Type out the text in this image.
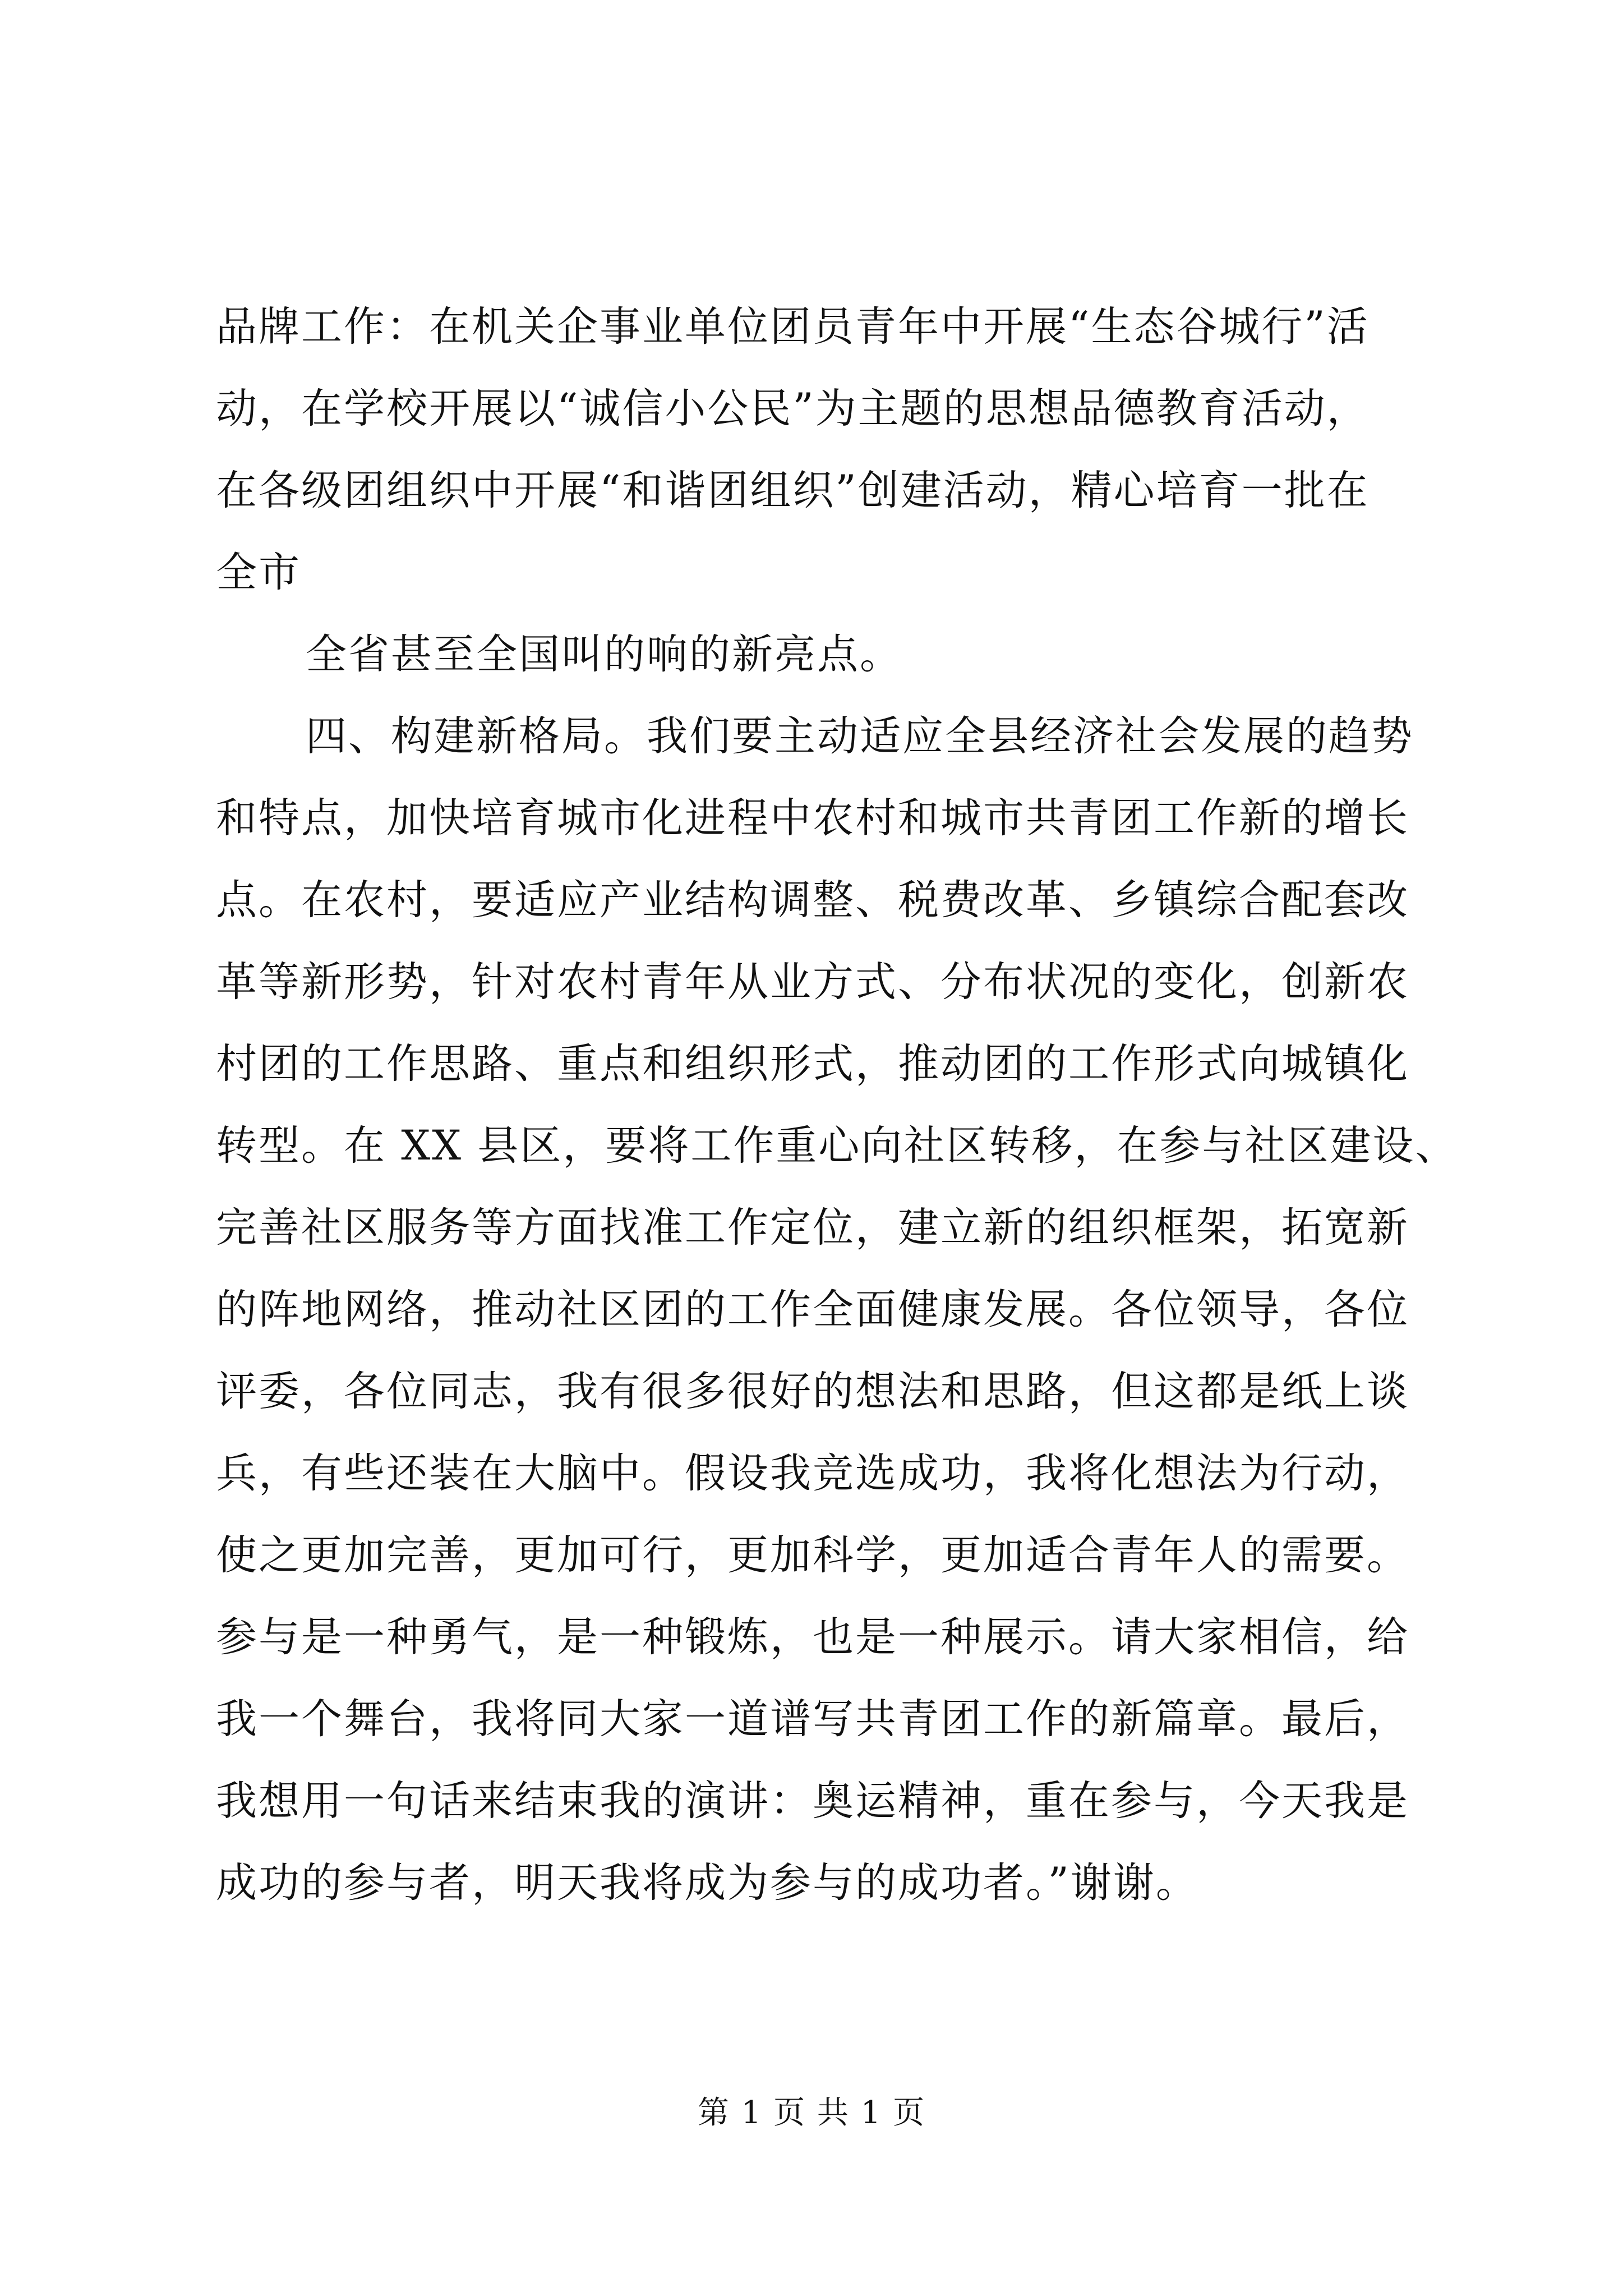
品牌工作：在机关企事业单位团员青年中开展“生态谷城行”活
动，在学校开展以“诚信小公民”为主题的思想品德教育活动，
在各级团组织中开展“和谐团组织”创建活动，精心培育一批在
全市
全省甚至全国叫的响的新亮点。
四、构建新格局。我们要主动适应全县经济社会发展的趋势
和特点，加快培育城市化进程中农村和城市共青团工作新的增长
点。在农村，要适应产业结构调整、税费改革、乡镇综合配套改
革等新形势，针对农村青年从业方式、分布状况的变化，创新农
村团的工作思路、重点和组织形式，推动团的工作形式向城镇化
转型。在 XX 县区，要将工作重心向社区转移，在参与社区建设、
完善社区服务等方面找准工作定位，建立新的组织框架，拓宽新
的阵地网络，推动社区团的工作全面健康发展。各位领导，各位
评委，各位同志，我有很多很好的想法和思路，但这都是纸上谈
兵，有些还装在大脑中。假设我竞选成功，我将化想法为行动，
使之更加完善，更加可行，更加科学，更加适合青年人的需要。
参与是一种勇气，是一种锻炼，也是一种展示。请大家相信，给
我一个舞台，我将同大家一道谱写共青团工作的新篇章。最后，
我想用一句话来结束我的演讲：奥运精神，重在参与，今天我是
成功的参与者，明天我将成为参与的成功者。”谢谢。
第 1 页 共 1 页
